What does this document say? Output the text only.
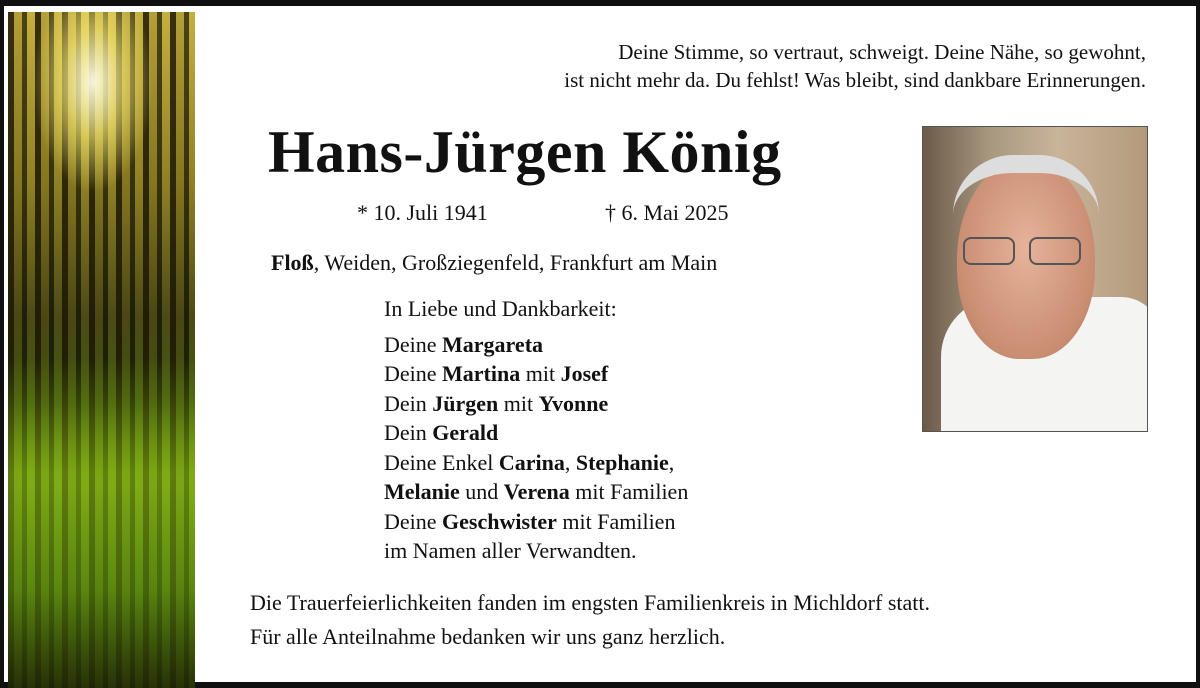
Deine Stimme, so vertraut, schweigt. Deine Nähe, so gewohnt,
ist nicht mehr da. Du fehlst! Was bleibt, sind dankbare Erinnerungen.
Hans-Jürgen König
* 10. Juli 1941	† 6. Mai 2025
Floß, Weiden, Großziegenfeld, Frankfurt am Main
In Liebe und Dankbarkeit:
Deine Margareta
Deine Martina mit Josef
Dein Jürgen mit Yvonne
Dein Gerald
Deine Enkel Carina, Stephanie,
Melanie und Verena mit Familien
Deine Geschwister mit Familien
im Namen aller Verwandten.
Die Trauerfeierlichkeiten fanden im engsten Familienkreis in Michldorf statt.
Für alle Anteilnahme bedanken wir uns ganz herzlich.
